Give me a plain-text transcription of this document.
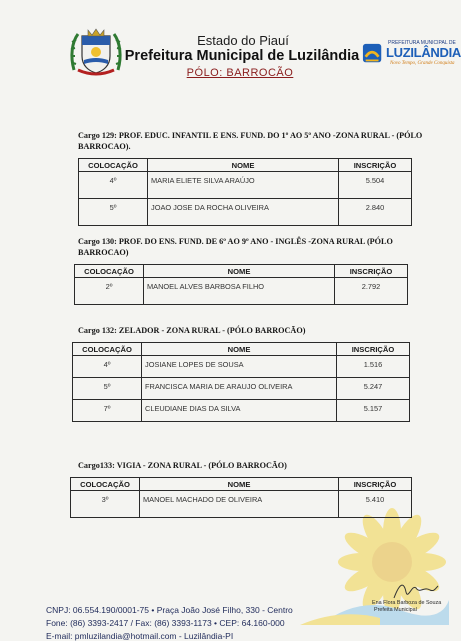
Estado do Piauí
Prefeitura Municipal de Luzilândia
PÓLO: BARROCÃO
PREFEITURA MUNICIPAL DE
LUZILÂNDIA
Novo Tempo, Grande Conquista
Cargo 129: PROF. EDUC. INFANTIL E ENS. FUND. DO 1º AO 5º ANO -ZONA RURAL - (PÓLO BARROCAO).
COLOCAÇÃO	NOME	INSCRIÇÃO
4º	MARIA ELIETE SILVA ARAÚJO	5.504
5º	JOAO JOSE DA ROCHA OLIVEIRA	2.840
Cargo 130: PROF. DO ENS. FUND. DE 6º AO 9º ANO - INGLÊS -ZONA RURAL (PÓLO BARROCAO)
COLOCAÇÃO	NOME	INSCRIÇÃO
2º	MANOEL ALVES BARBOSA FILHO	2.792
Cargo 132: ZELADOR - ZONA RURAL - (PÓLO BARROCÃO)
COLOCAÇÃO	NOME	INSCRIÇÃO
4º	JOSIANE LOPES DE SOUSA	1.516
5º	FRANCISCA MARIA DE ARAUJO OLIVEIRA	5.247
7º	CLEUDIANE DIAS DA SILVA	5.157
Cargo133: VIGIA - ZONA RURAL - (PÓLO BARROCÃO)
COLOCAÇÃO	NOME	INSCRIÇÃO
3º	MANOEL MACHADO DE OLIVEIRA	5.410
Ena Flora Barboza de Souza
Prefeita Municipal
CNPJ: 06.554.190/0001-75 • Praça João José Filho, 330 - Centro
Fone: (86) 3393-2417 / Fax: (86) 3393-1173 • CEP: 64.160-000
E-mail: pmluzilandia@hotmail.com - Luzilândia-PI
